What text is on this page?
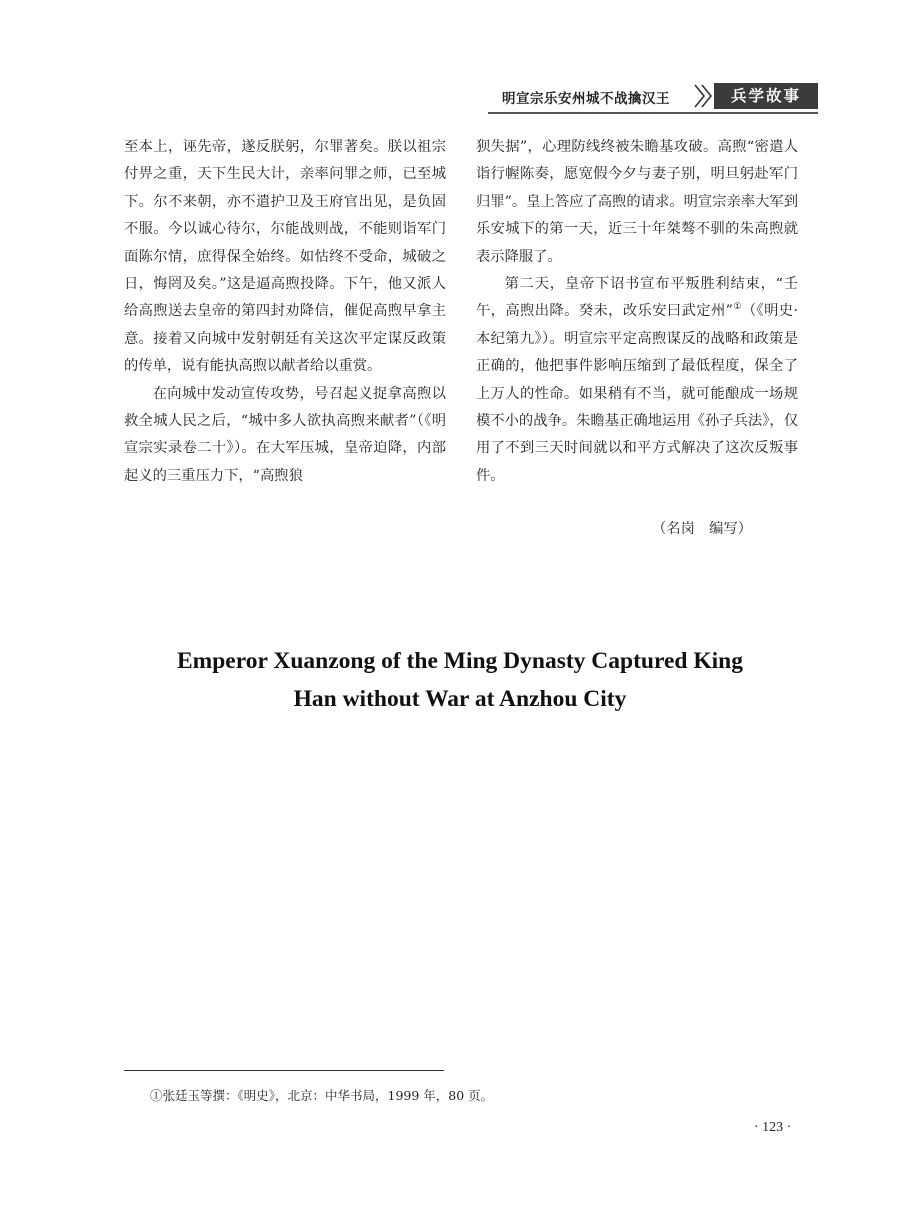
明宣宗乐安州城不战擒汉王	兵学故事

至本上，诬先帝，遂反朕躬，尔罪著矣。朕以祖宗付畀之重，天下生民大计，亲率问罪之师，已至城下。尔不来朝，亦不遣护卫及王府官出见，是负固不服。今以诚心待尔，尔能战则战，不能则诣军门面陈尔情，庶得保全始终。如怙终不受命，城破之日，悔罔及矣。”这是逼高煦投降。下午，他又派人给高煦送去皇帝的第四封劝降信，催促高煦早拿主意。接着又向城中发射朝廷有关这次平定谋反政策的传单，说有能执高煦以献者给以重赏。

在向城中发动宣传攻势，号召起义捉拿高煦以救全城人民之后，“城中多人欲执高煦来献者”（《明宣宗实录卷二十》）。在大军压城，皇帝迫降，内部起义的三重压力下，“高煦狼

狈失据”，心理防线终被朱瞻基攻破。高煦“密遣人诣行幄陈奏，愿宽假今夕与妻子别，明旦躬赴军门归罪”。皇上答应了高煦的请求。明宣宗亲率大军到乐安城下的第一天，近三十年桀骜不驯的朱高煦就表示降服了。

第二天，皇帝下诏书宣布平叛胜利结束，“壬午，高煦出降。癸未，改乐安曰武定州”①（《明史·本纪第九》）。明宣宗平定高煦谋反的战略和政策是正确的，他把事件影响压缩到了最低程度，保全了上万人的性命。如果稍有不当，就可能酿成一场规模不小的战争。朱瞻基正确地运用《孙子兵法》，仅用了不到三天时间就以和平方式解决了这次反叛事件。

（名岗　编写）
Emperor Xuanzong of the Ming Dynasty Captured King
Han without War at Anzhou City
①张廷玉等撰：《明史》，北京：中华书局，1999 年，80 页。
· 123 ·
